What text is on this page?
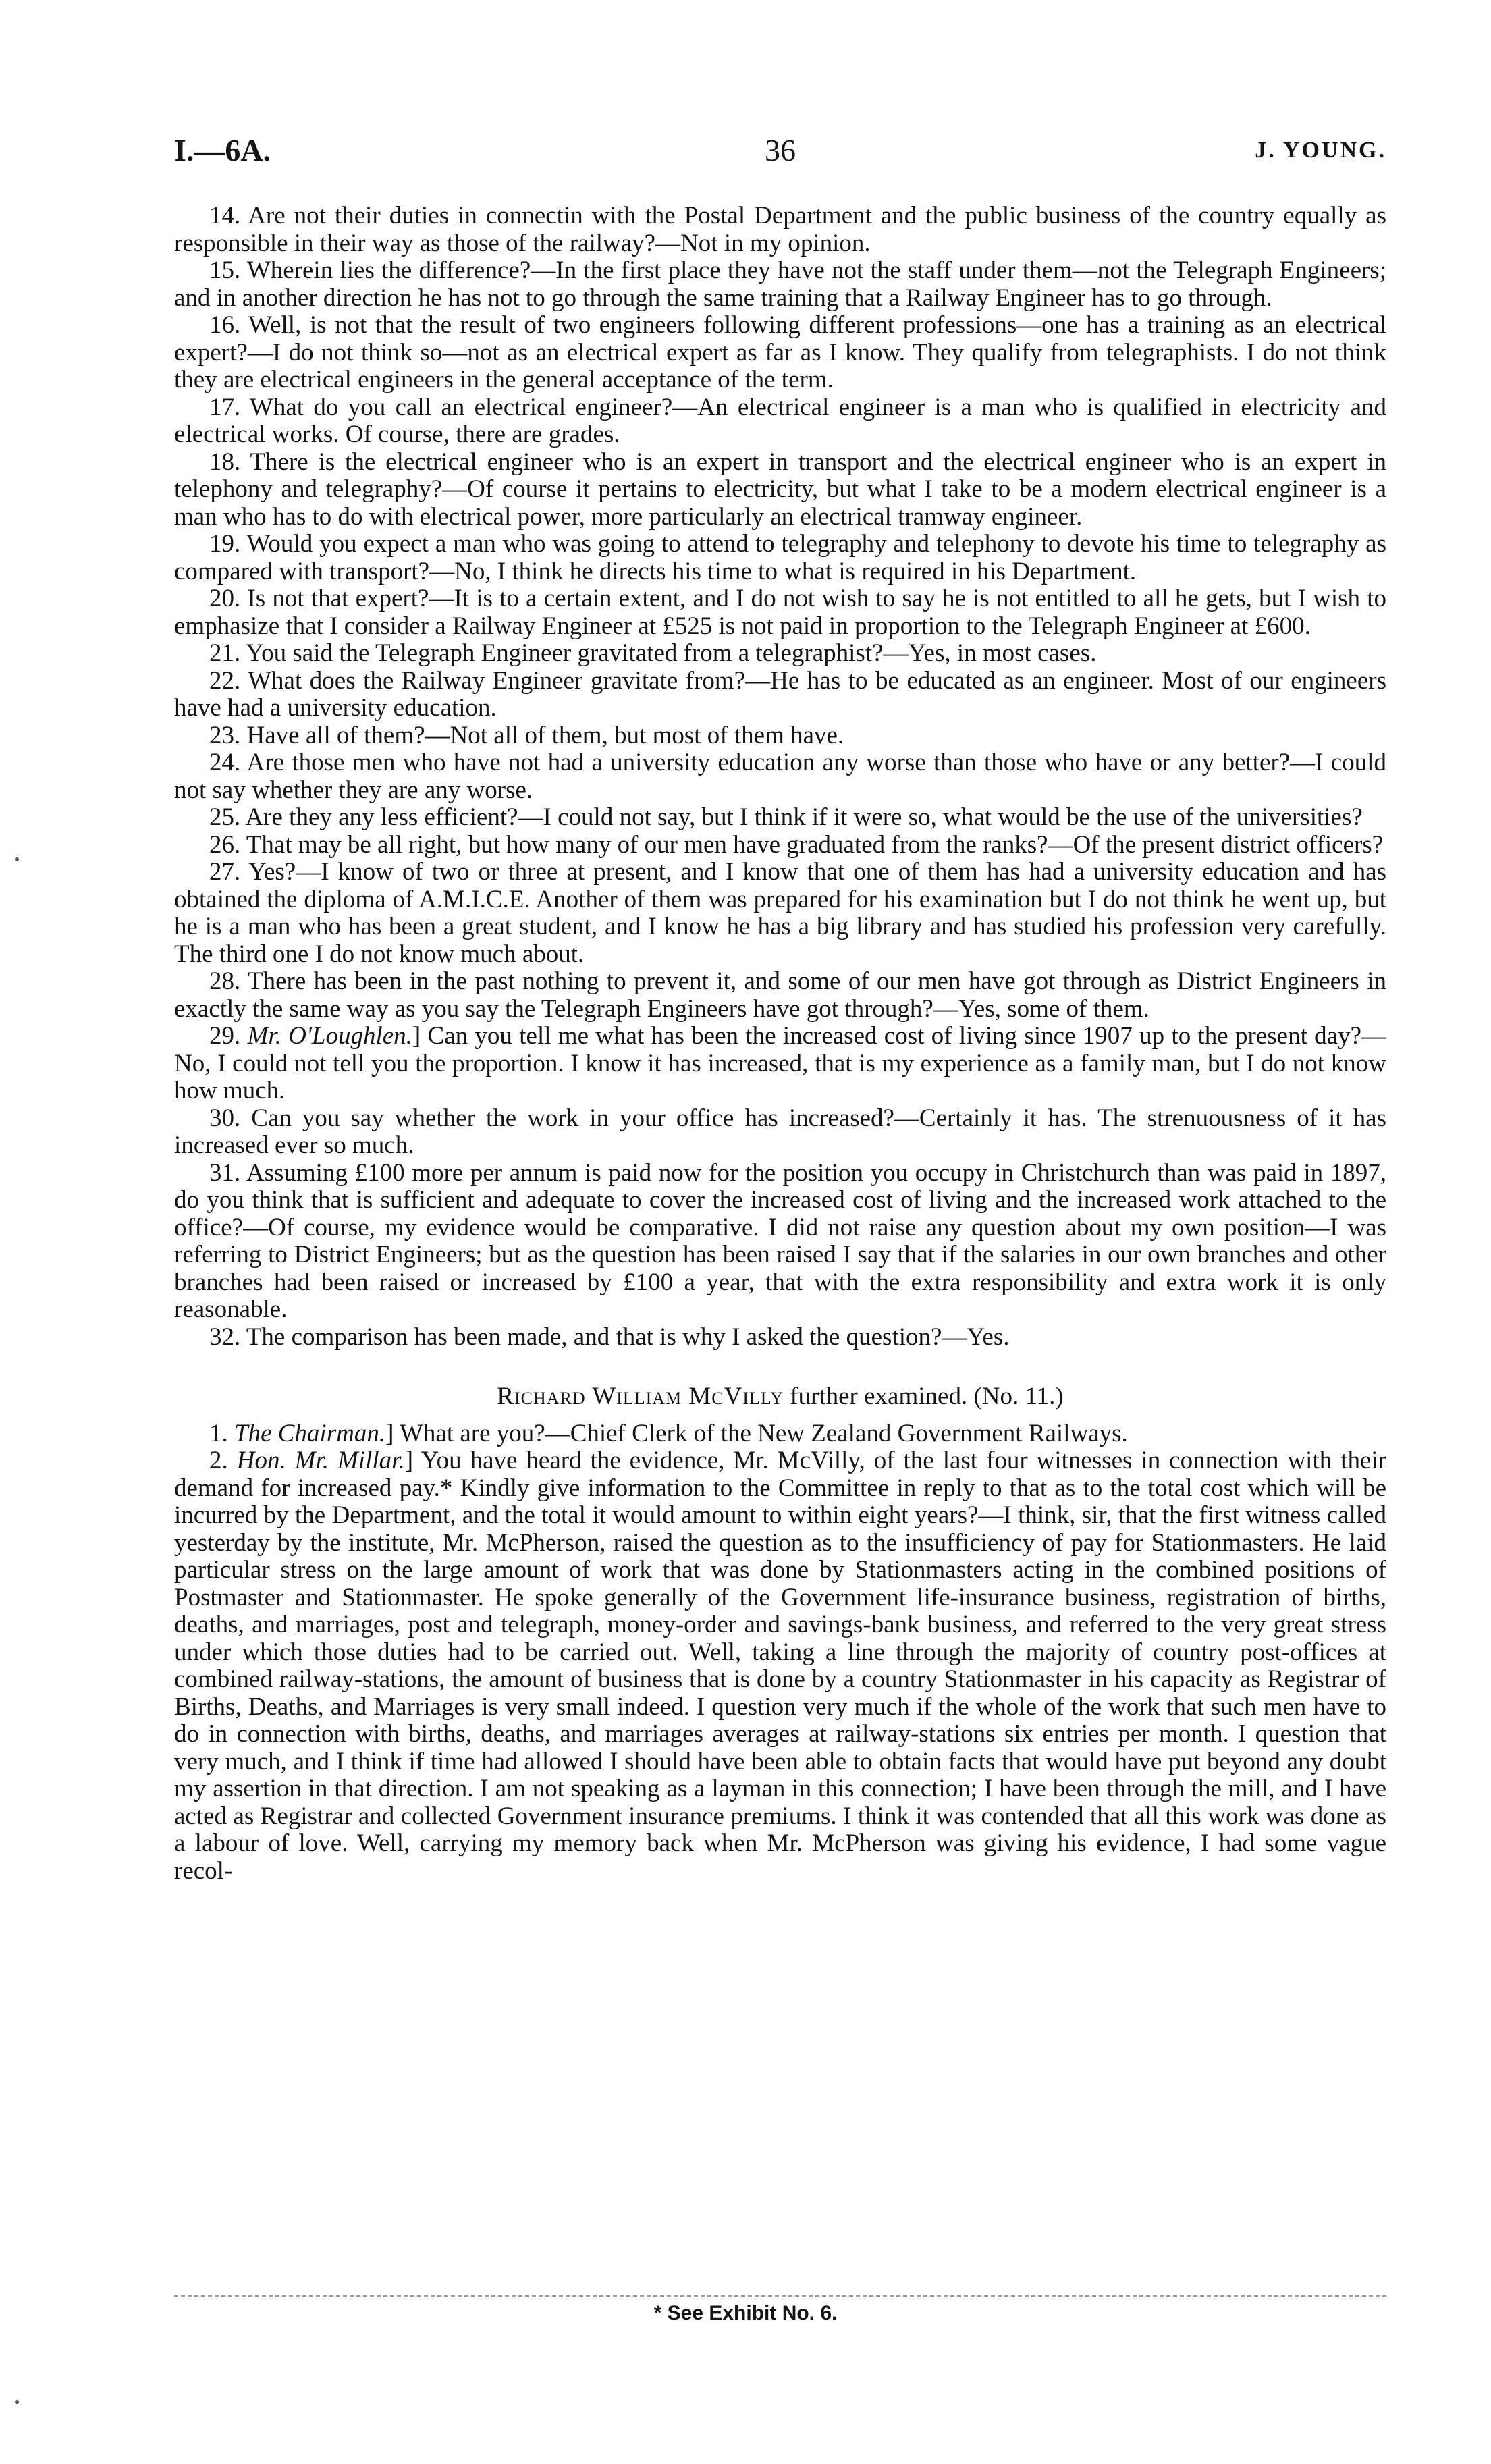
I.—6A.	36	J. YOUNG.

14. Are not their duties in connectin with the Postal Department and the public business of the country equally as responsible in their way as those of the railway?—Not in my opinion.

15. Wherein lies the difference?—In the first place they have not the staff under them—not the Telegraph Engineers; and in another direction he has not to go through the same training that a Railway Engineer has to go through.

16. Well, is not that the result of two engineers following different professions—one has a training as an electrical expert?—I do not think so—not as an electrical expert as far as I know. They qualify from telegraphists. I do not think they are electrical engineers in the general acceptance of the term.

17. What do you call an electrical engineer?—An electrical engineer is a man who is qualified in electricity and electrical works. Of course, there are grades.

18. There is the electrical engineer who is an expert in transport and the electrical engineer who is an expert in telephony and telegraphy?—Of course it pertains to electricity, but what I take to be a modern electrical engineer is a man who has to do with electrical power, more particularly an electrical tramway engineer.

19. Would you expect a man who was going to attend to telegraphy and telephony to devote his time to telegraphy as compared with transport?—No, I think he directs his time to what is required in his Department.

20. Is not that expert?—It is to a certain extent, and I do not wish to say he is not entitled to all he gets, but I wish to emphasize that I consider a Railway Engineer at £525 is not paid in proportion to the Telegraph Engineer at £600.

21. You said the Telegraph Engineer gravitated from a telegraphist?—Yes, in most cases.

22. What does the Railway Engineer gravitate from?—He has to be educated as an engineer. Most of our engineers have had a university education.

23. Have all of them?—Not all of them, but most of them have.

24. Are those men who have not had a university education any worse than those who have or any better?—I could not say whether they are any worse.

25. Are they any less efficient?—I could not say, but I think if it were so, what would be the use of the universities?

26. That may be all right, but how many of our men have graduated from the ranks?—Of the present district officers?

27. Yes?—I know of two or three at present, and I know that one of them has had a university education and has obtained the diploma of A.M.I.C.E. Another of them was prepared for his examination but I do not think he went up, but he is a man who has been a great student, and I know he has a big library and has studied his profession very carefully. The third one I do not know much about.

28. There has been in the past nothing to prevent it, and some of our men have got through as District Engineers in exactly the same way as you say the Telegraph Engineers have got through?—Yes, some of them.

29. Mr. O'Loughlen.] Can you tell me what has been the increased cost of living since 1907 up to the present day?—No, I could not tell you the proportion. I know it has increased, that is my experience as a family man, but I do not know how much.

30. Can you say whether the work in your office has increased?—Certainly it has. The strenuousness of it has increased ever so much.

31. Assuming £100 more per annum is paid now for the position you occupy in Christchurch than was paid in 1897, do you think that is sufficient and adequate to cover the increased cost of living and the increased work attached to the office?—Of course, my evidence would be comparative. I did not raise any question about my own position—I was referring to District Engineers; but as the question has been raised I say that if the salaries in our own branches and other branches had been raised or increased by £100 a year, that with the extra responsibility and extra work it is only reasonable.

32. The comparison has been made, and that is why I asked the question?—Yes.

Richard William McVilly further examined. (No. 11.)

1. The Chairman.] What are you?—Chief Clerk of the New Zealand Government Railways.

2. Hon. Mr. Millar.] You have heard the evidence, Mr. McVilly, of the last four witnesses in connection with their demand for increased pay.* Kindly give information to the Committee in reply to that as to the total cost which will be incurred by the Department, and the total it would amount to within eight years?—I think, sir, that the first witness called yesterday by the institute, Mr. McPherson, raised the question as to the insufficiency of pay for Stationmasters. He laid particular stress on the large amount of work that was done by Stationmasters acting in the combined positions of Postmaster and Stationmaster. He spoke generally of the Government life-insurance business, registration of births, deaths, and marriages, post and telegraph, money-order and savings-bank business, and referred to the very great stress under which those duties had to be carried out. Well, taking a line through the majority of country post-offices at combined railway-stations, the amount of business that is done by a country Stationmaster in his capacity as Registrar of Births, Deaths, and Marriages is very small indeed. I question very much if the whole of the work that such men have to do in connection with births, deaths, and marriages averages at railway-stations six entries per month. I question that very much, and I think if time had allowed I should have been able to obtain facts that would have put beyond any doubt my assertion in that direction. I am not speaking as a layman in this connection; I have been through the mill, and I have acted as Registrar and collected Government insurance premiums. I think it was contended that all this work was done as a labour of love. Well, carrying my memory back when Mr. McPherson was giving his evidence, I had some vague recol-

* See Exhibit No. 6.
